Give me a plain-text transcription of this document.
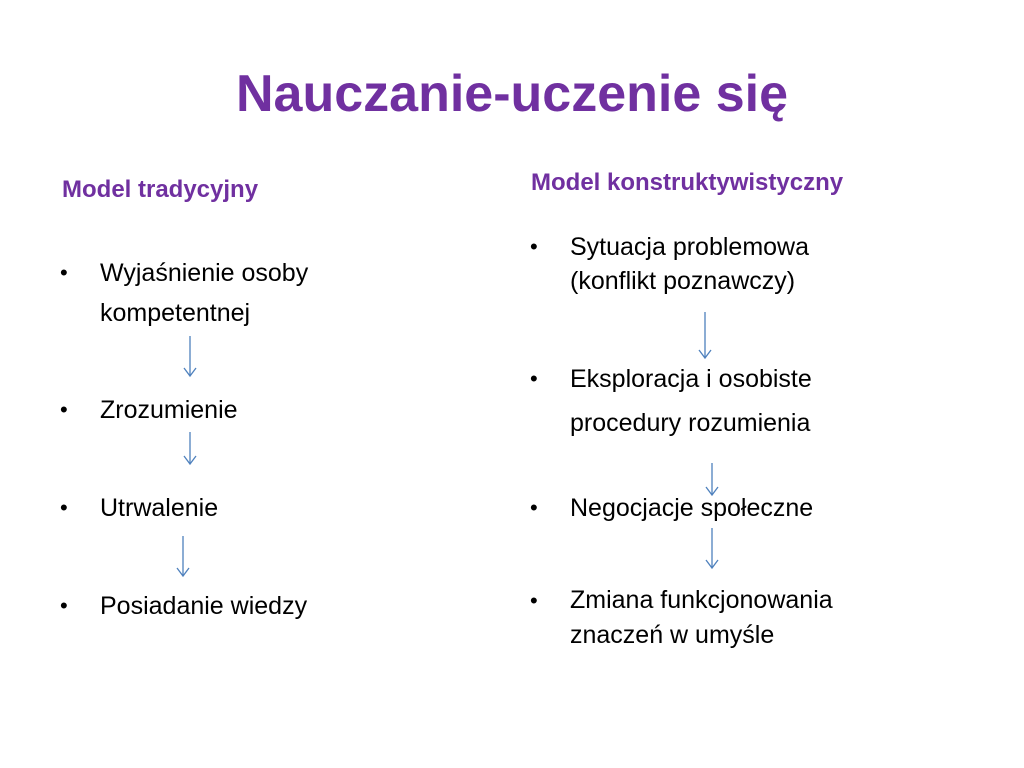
Nauczanie-uczenie się
Model tradycyjny
• Wyjaśnienie osoby
kompetentnej
• Zrozumienie
• Utrwalenie
• Posiadanie wiedzy
Model konstruktywistyczny
• Sytuacja problemowa
(konflikt poznawczy)
• Eksploracja i osobiste
procedury rozumienia
• Negocjacje społeczne
• Zmiana funkcjonowania
znaczeń w umyśle
